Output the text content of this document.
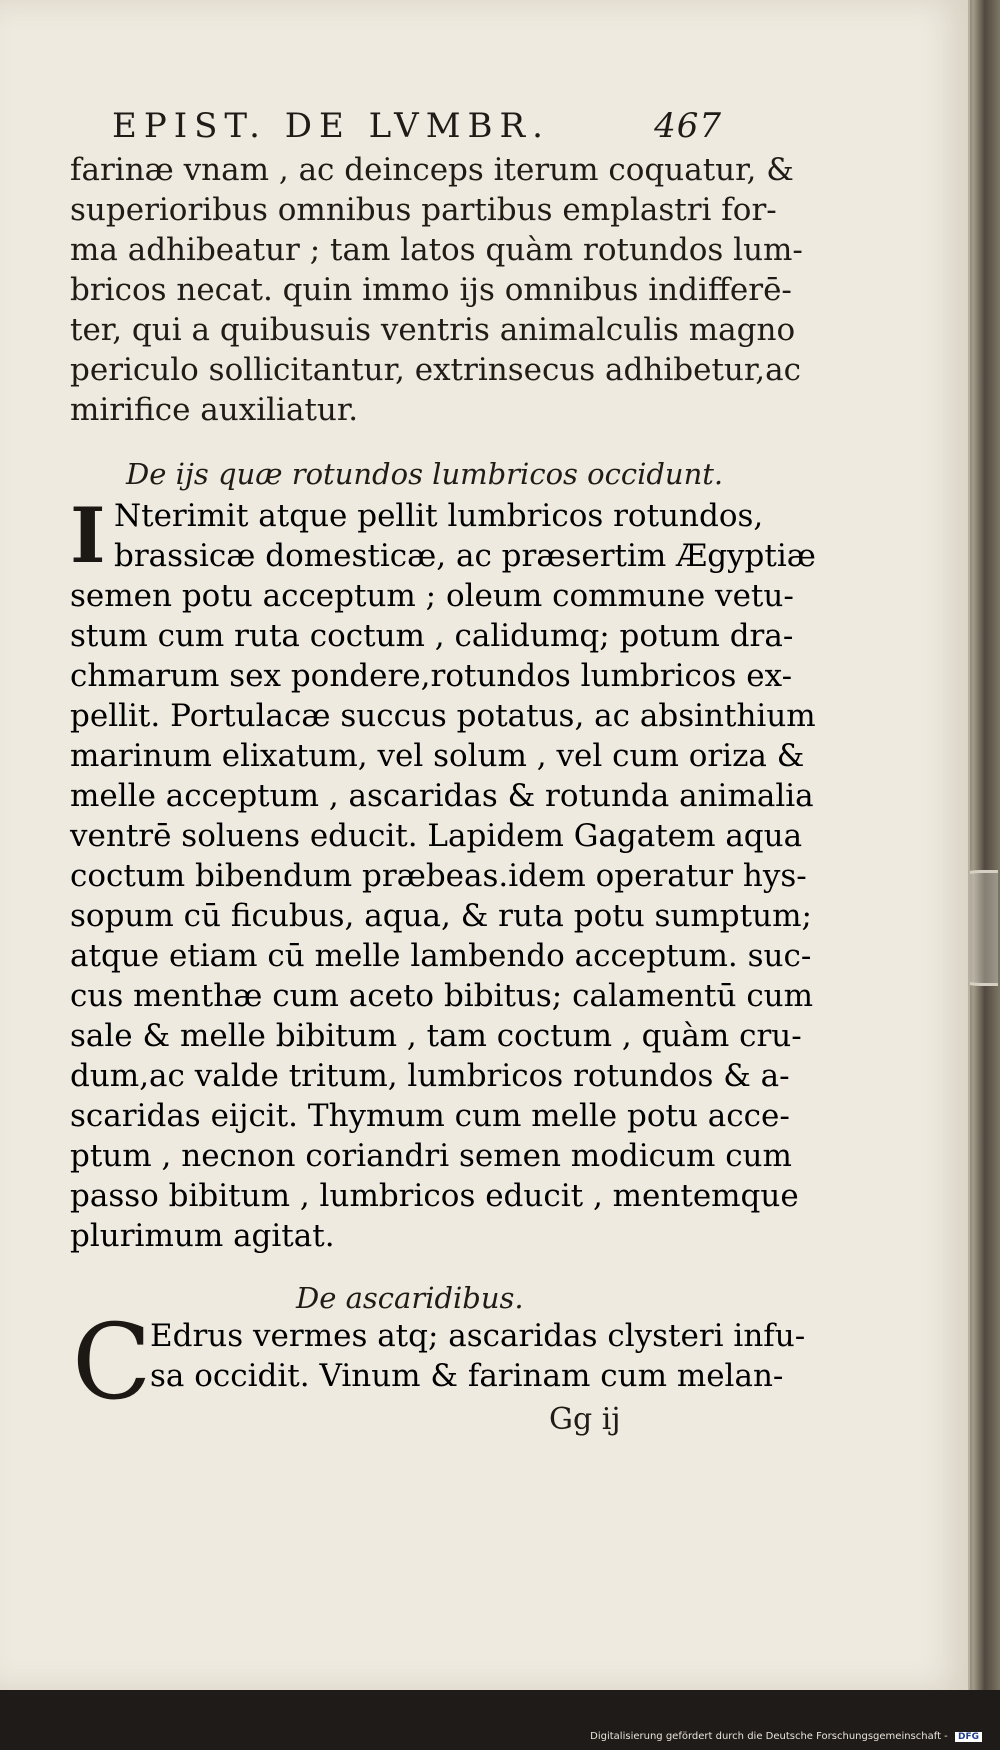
EPIST. DE LVMBR.	467
farinæ vnam , ac deinceps iterum coquatur, &
superioribus omnibus partibus emplastri for-
ma adhibeatur ; tam latos quàm rotundos lum-
bricos necat. quin immo ijs omnibus indifferē-
ter, qui a quibusuis ventris animalculis magno
periculo sollicitantur, extrinsecus adhibetur,ac
mirifice auxiliatur.
De ijs quæ rotundos lumbricos occidunt.
I Nterimit atque pellit lumbricos rotundos,
brassicæ domesticæ, ac præsertim Ægyptiæ
semen potu acceptum ; oleum commune vetu-
stum cum ruta coctum , calidumq; potum dra-
chmarum sex pondere,rotundos lumbricos ex-
pellit. Portulacæ succus potatus, ac absinthium
marinum elixatum, vel solum , vel cum oriza &
melle acceptum , ascaridas & rotunda animalia
ventrē soluens educit. Lapidem Gagatem aqua
coctum bibendum præbeas.idem operatur hys-
sopum cū ficubus, aqua, & ruta potu sumptum;
atque etiam cū melle lambendo acceptum. suc-
cus menthæ cum aceto bibitus; calamentū cum
sale & melle bibitum , tam coctum , quàm cru-
dum,ac valde tritum, lumbricos rotundos & a-
scaridas eijcit. Thymum cum melle potu acce-
ptum , necnon coriandri semen modicum cum
passo bibitum , lumbricos educit , mentemque
plurimum agitat.
De ascaridibus.
C
Edrus vermes atq; ascaridas clysteri infu-
sa occidit. Vinum & farinam cum melan-
Gg ij
Digitalisierung gefördert durch die Deutsche Forschungsgemeinschaft - DFG
